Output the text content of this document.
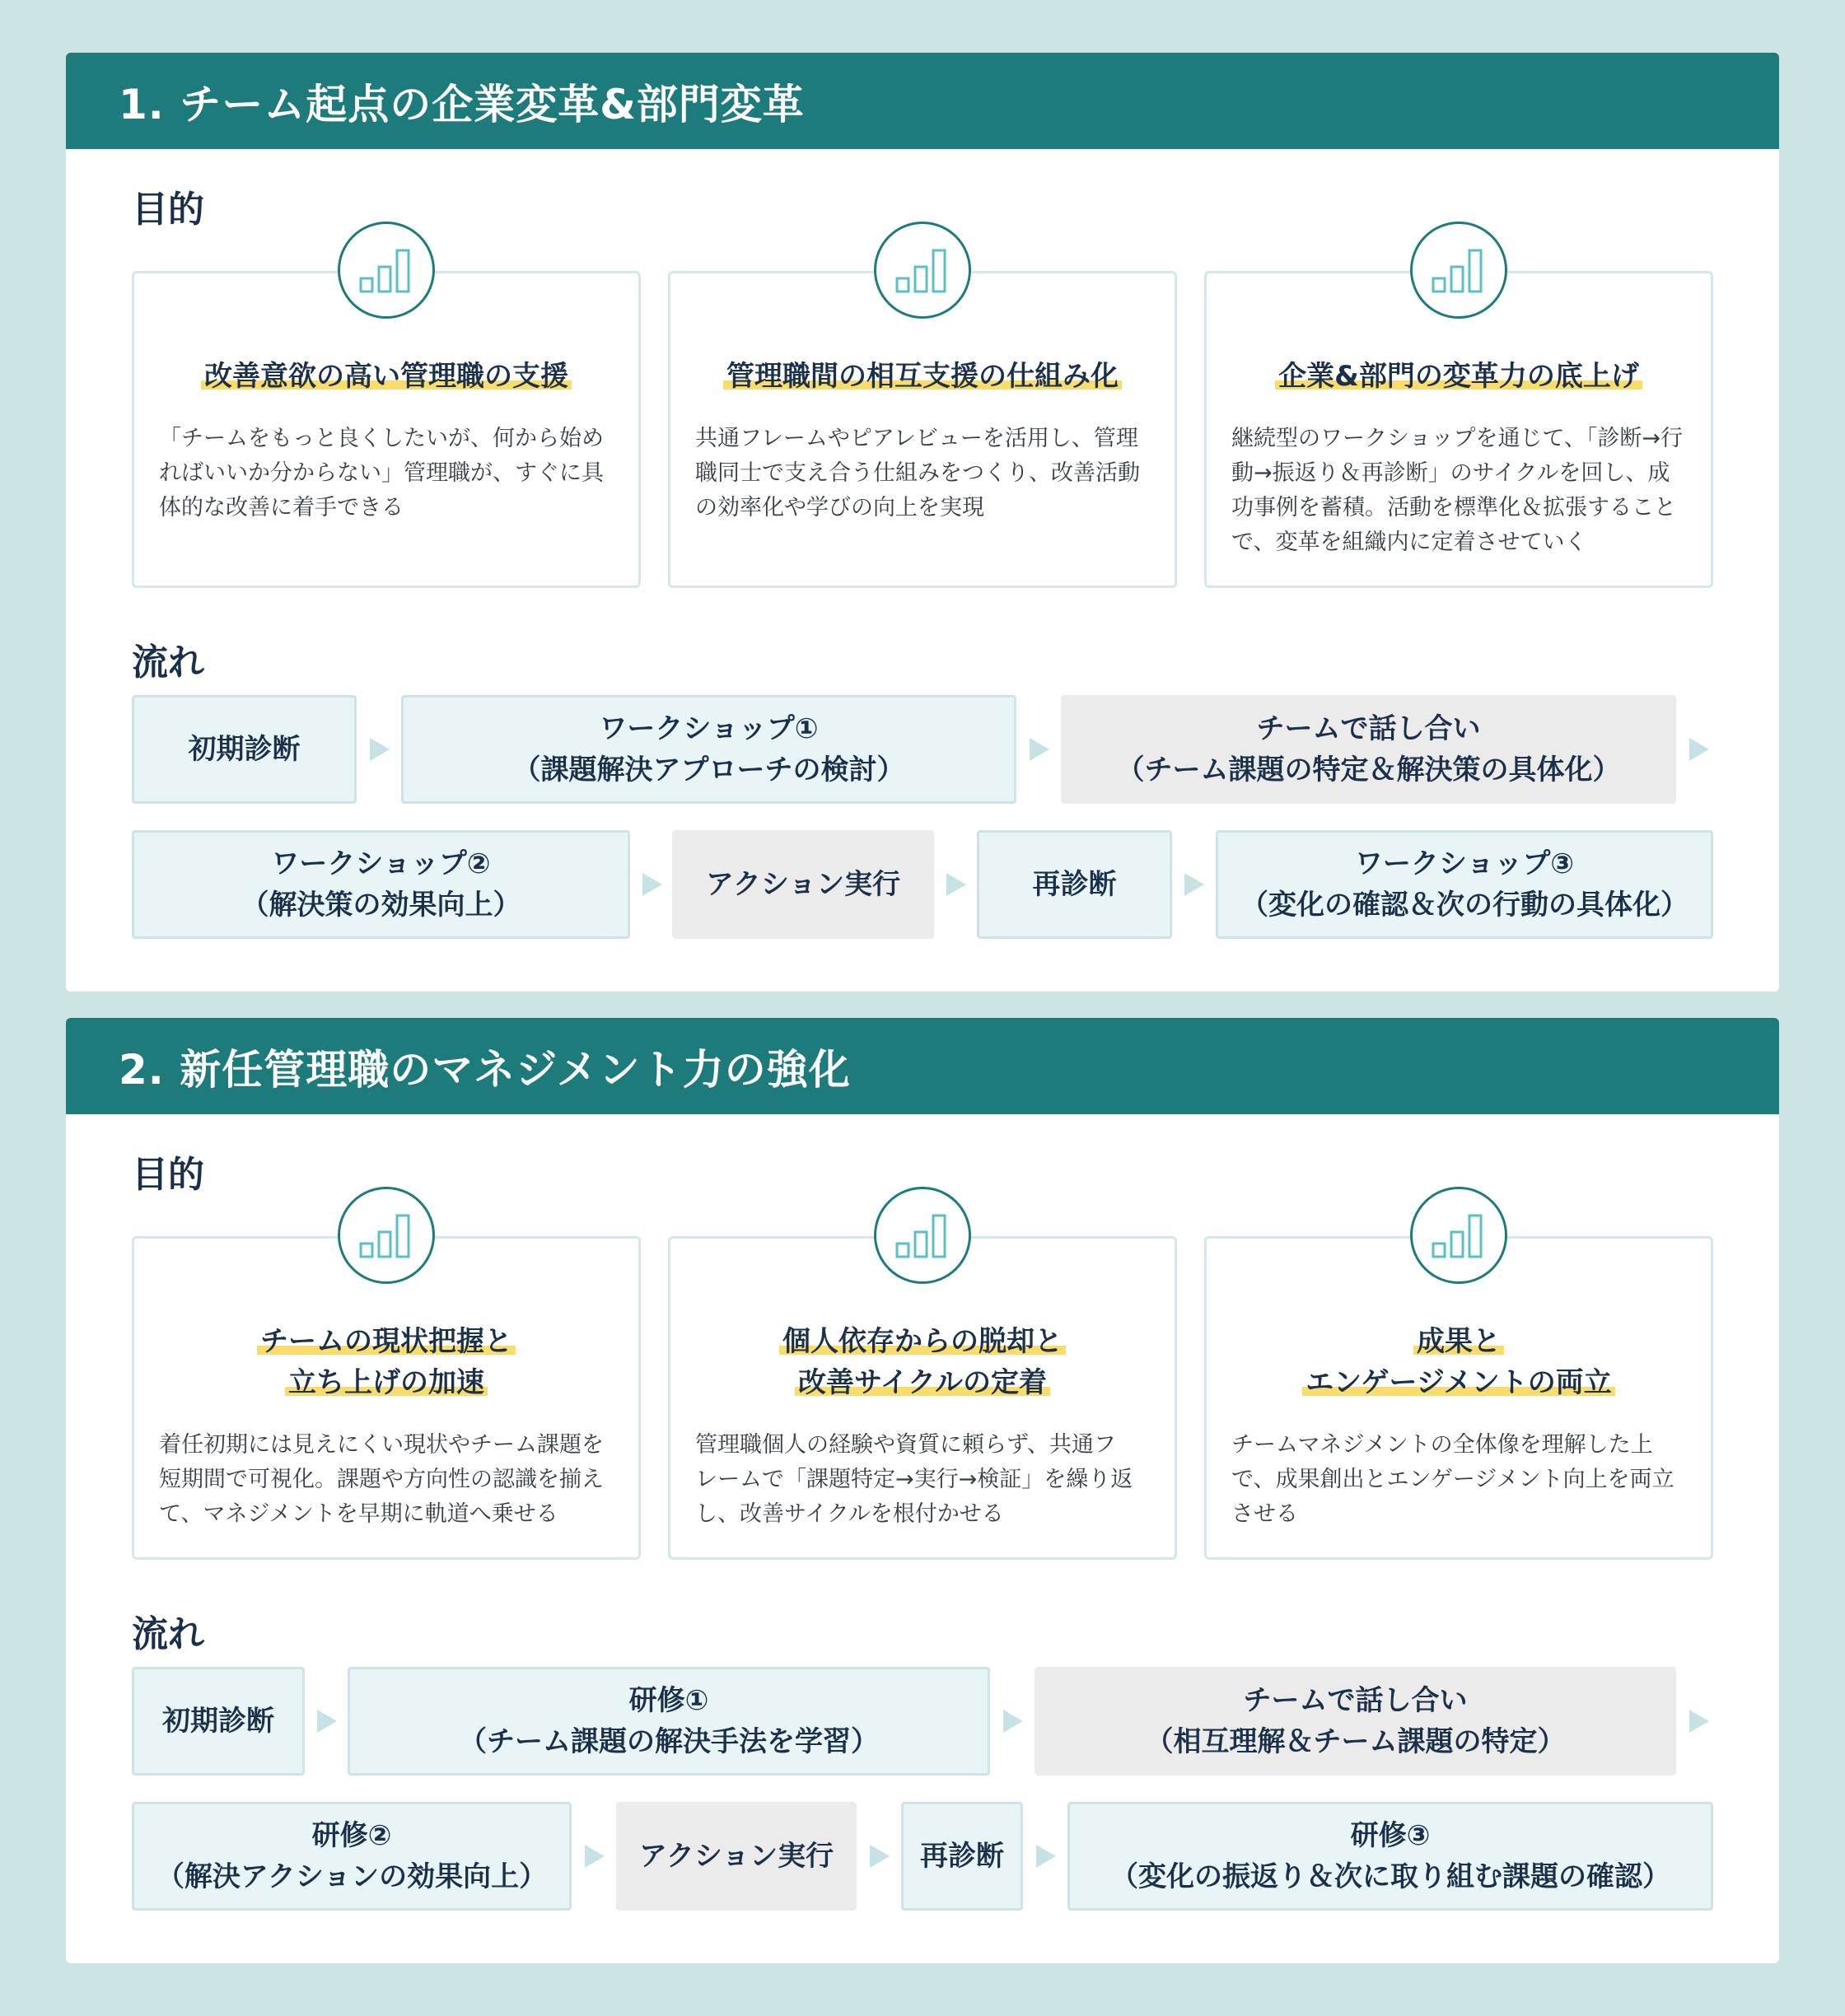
1. チーム起点の企業変革&部門変革
目的
改善意欲の高い管理職の支援
「チームをもっと良くしたいが、何から始め
ればいいか分からない」管理職が、すぐに具
体的な改善に着手できる
管理職間の相互支援の仕組み化
共通フレームやピアレビューを活用し、管理
職同士で支え合う仕組みをつくり、改善活動
の効率化や学びの向上を実現
企業&部門の変革力の底上げ
継続型のワークショップを通じて、「診断→行
動→振返り＆再診断」のサイクルを回し、成
功事例を蓄積。活動を標準化＆拡張すること
で、変革を組織内に定着させていく
流れ
初期診断
ワークショップ①
（課題解決アプローチの検討）
チームで話し合い
（チーム課題の特定＆解決策の具体化）
ワークショップ②
（解決策の効果向上）
アクション実行	再診断
ワークショップ③
（変化の確認＆次の行動の具体化）
2. 新任管理職のマネジメント力の強化
目的
チームの現状把握と
立ち上げの加速
着任初期には見えにくい現状やチーム課題を
短期間で可視化。課題や方向性の認識を揃え
て、マネジメントを早期に軌道へ乗せる
個人依存からの脱却と
改善サイクルの定着
管理職個人の経験や資質に頼らず、共通フ
レームで「課題特定→実行→検証」を繰り返
し、改善サイクルを根付かせる
成果と
エンゲージメントの両立
チームマネジメントの全体像を理解した上
で、成果創出とエンゲージメント向上を両立
させる
流れ
初期診断
研修①
（チーム課題の解決手法を学習）
チームで話し合い
（相互理解＆チーム課題の特定）
研修②
（解決アクションの効果向上）
アクション実行	再診断
研修③
（変化の振返り＆次に取り組む課題の確認）
